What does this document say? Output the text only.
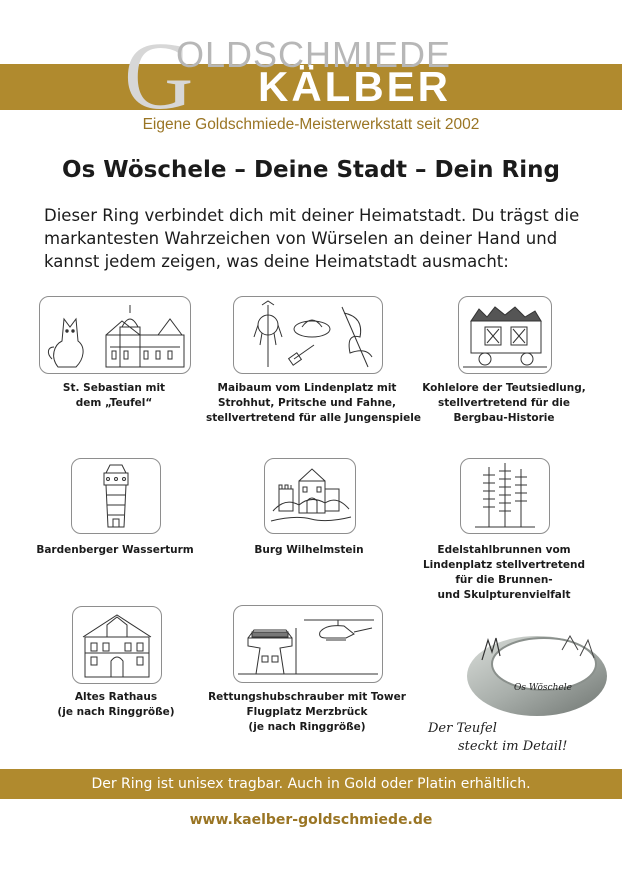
G
OLDSCHMIEDE
KÄLBER
Eigene Goldschmiede-Meisterwerkstatt seit 2002
Os Wöschele – Deine Stadt – Dein Ring
Dieser Ring verbindet dich mit deiner Heimatstadt. Du trägst die markantesten Wahrzeichen von Würselen an deiner Hand und kannst jedem zeigen, was deine Heimatstadt ausmacht:
St. Sebastian mit
dem „Teufel“
Maibaum vom Lindenplatz mit
Strohhut, Pritsche und Fahne,
stellvertretend für alle Jungenspiele
Kohlelore der Teutsiedlung,
stellvertretend für die
Bergbau-Historie
Bardenberger Wasserturm	Burg Wilhelmstein	Edelstahlbrunnen vom
Lindenplatz stellvertretend
für die Brunnen-
und Skulpturenvielfalt
Altes Rathaus
(je nach Ringgröße)
Rettungshubschrauber mit Tower
Flugplatz Merzbrück
(je nach Ringgröße)
Os Wöschele
Der Teufel
steckt im Detail!
Der Ring ist unisex tragbar. Auch in Gold oder Platin erhältlich.
www.kaelber-goldschmiede.de
